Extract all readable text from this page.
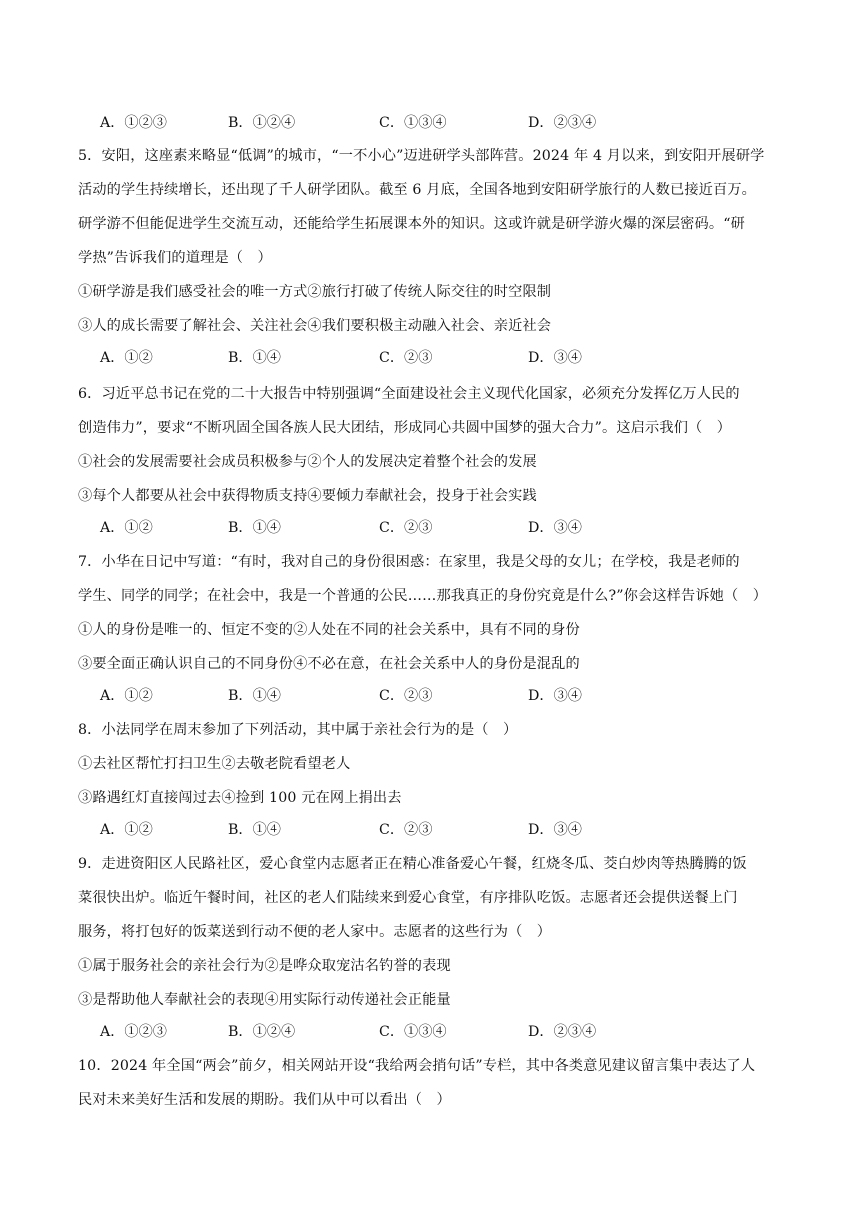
A．①②③	B．①②④	C．①③④	D．②③④
5．安阳，这座素来略显“低调”的城市，“一不小心”迈进研学头部阵营。2024 年 4 月以来，到安阳开展研学
活动的学生持续增长，还出现了千人研学团队。截至 6 月底，全国各地到安阳研学旅行的人数已接近百万。
研学游不但能促进学生交流互动，还能给学生拓展课本外的知识。这或许就是研学游火爆的深层密码。“研
学热”告诉我们的道理是（　）
①研学游是我们感受社会的唯一方式②旅行打破了传统人际交往的时空限制
③人的成长需要了解社会、关注社会④我们要积极主动融入社会、亲近社会
A．①②	B．①④	C．②③	D．③④
6．习近平总书记在党的二十大报告中特别强调“全面建设社会主义现代化国家，必须充分发挥亿万人民的
创造伟力”，要求“不断巩固全国各族人民大团结，形成同心共圆中国梦的强大合力”。这启示我们（　）
①社会的发展需要社会成员积极参与②个人的发展决定着整个社会的发展
③每个人都要从社会中获得物质支持④要倾力奉献社会，投身于社会实践
A．①②	B．①④	C．②③	D．③④
7．小华在日记中写道：“有时，我对自己的身份很困惑：在家里，我是父母的女儿；在学校，我是老师的
学生、同学的同学；在社会中，我是一个普通的公民……那我真正的身份究竟是什么?”你会这样告诉她（　）
①人的身份是唯一的、恒定不变的②人处在不同的社会关系中，具有不同的身份
③要全面正确认识自己的不同身份④不必在意，在社会关系中人的身份是混乱的
A．①②	B．①④	C．②③	D．③④
8．小法同学在周末参加了下列活动，其中属于亲社会行为的是（　）
①去社区帮忙打扫卫生②去敬老院看望老人
③路遇红灯直接闯过去④捡到 100 元在网上捐出去
A．①②	B．①④	C．②③	D．③④
9．走进资阳区人民路社区，爱心食堂内志愿者正在精心准备爱心午餐，红烧冬瓜、茭白炒肉等热腾腾的饭
菜很快出炉。临近午餐时间，社区的老人们陆续来到爱心食堂，有序排队吃饭。志愿者还会提供送餐上门
服务，将打包好的饭菜送到行动不便的老人家中。志愿者的这些行为（　）
①属于服务社会的亲社会行为②是哗众取宠沽名钓誉的表现
③是帮助他人奉献社会的表现④用实际行动传递社会正能量
A．①②③	B．①②④	C．①③④	D．②③④
10．2024 年全国“两会”前夕，相关网站开设“我给两会捎句话”专栏，其中各类意见建议留言集中表达了人
民对未来美好生活和发展的期盼。我们从中可以看出（　）
